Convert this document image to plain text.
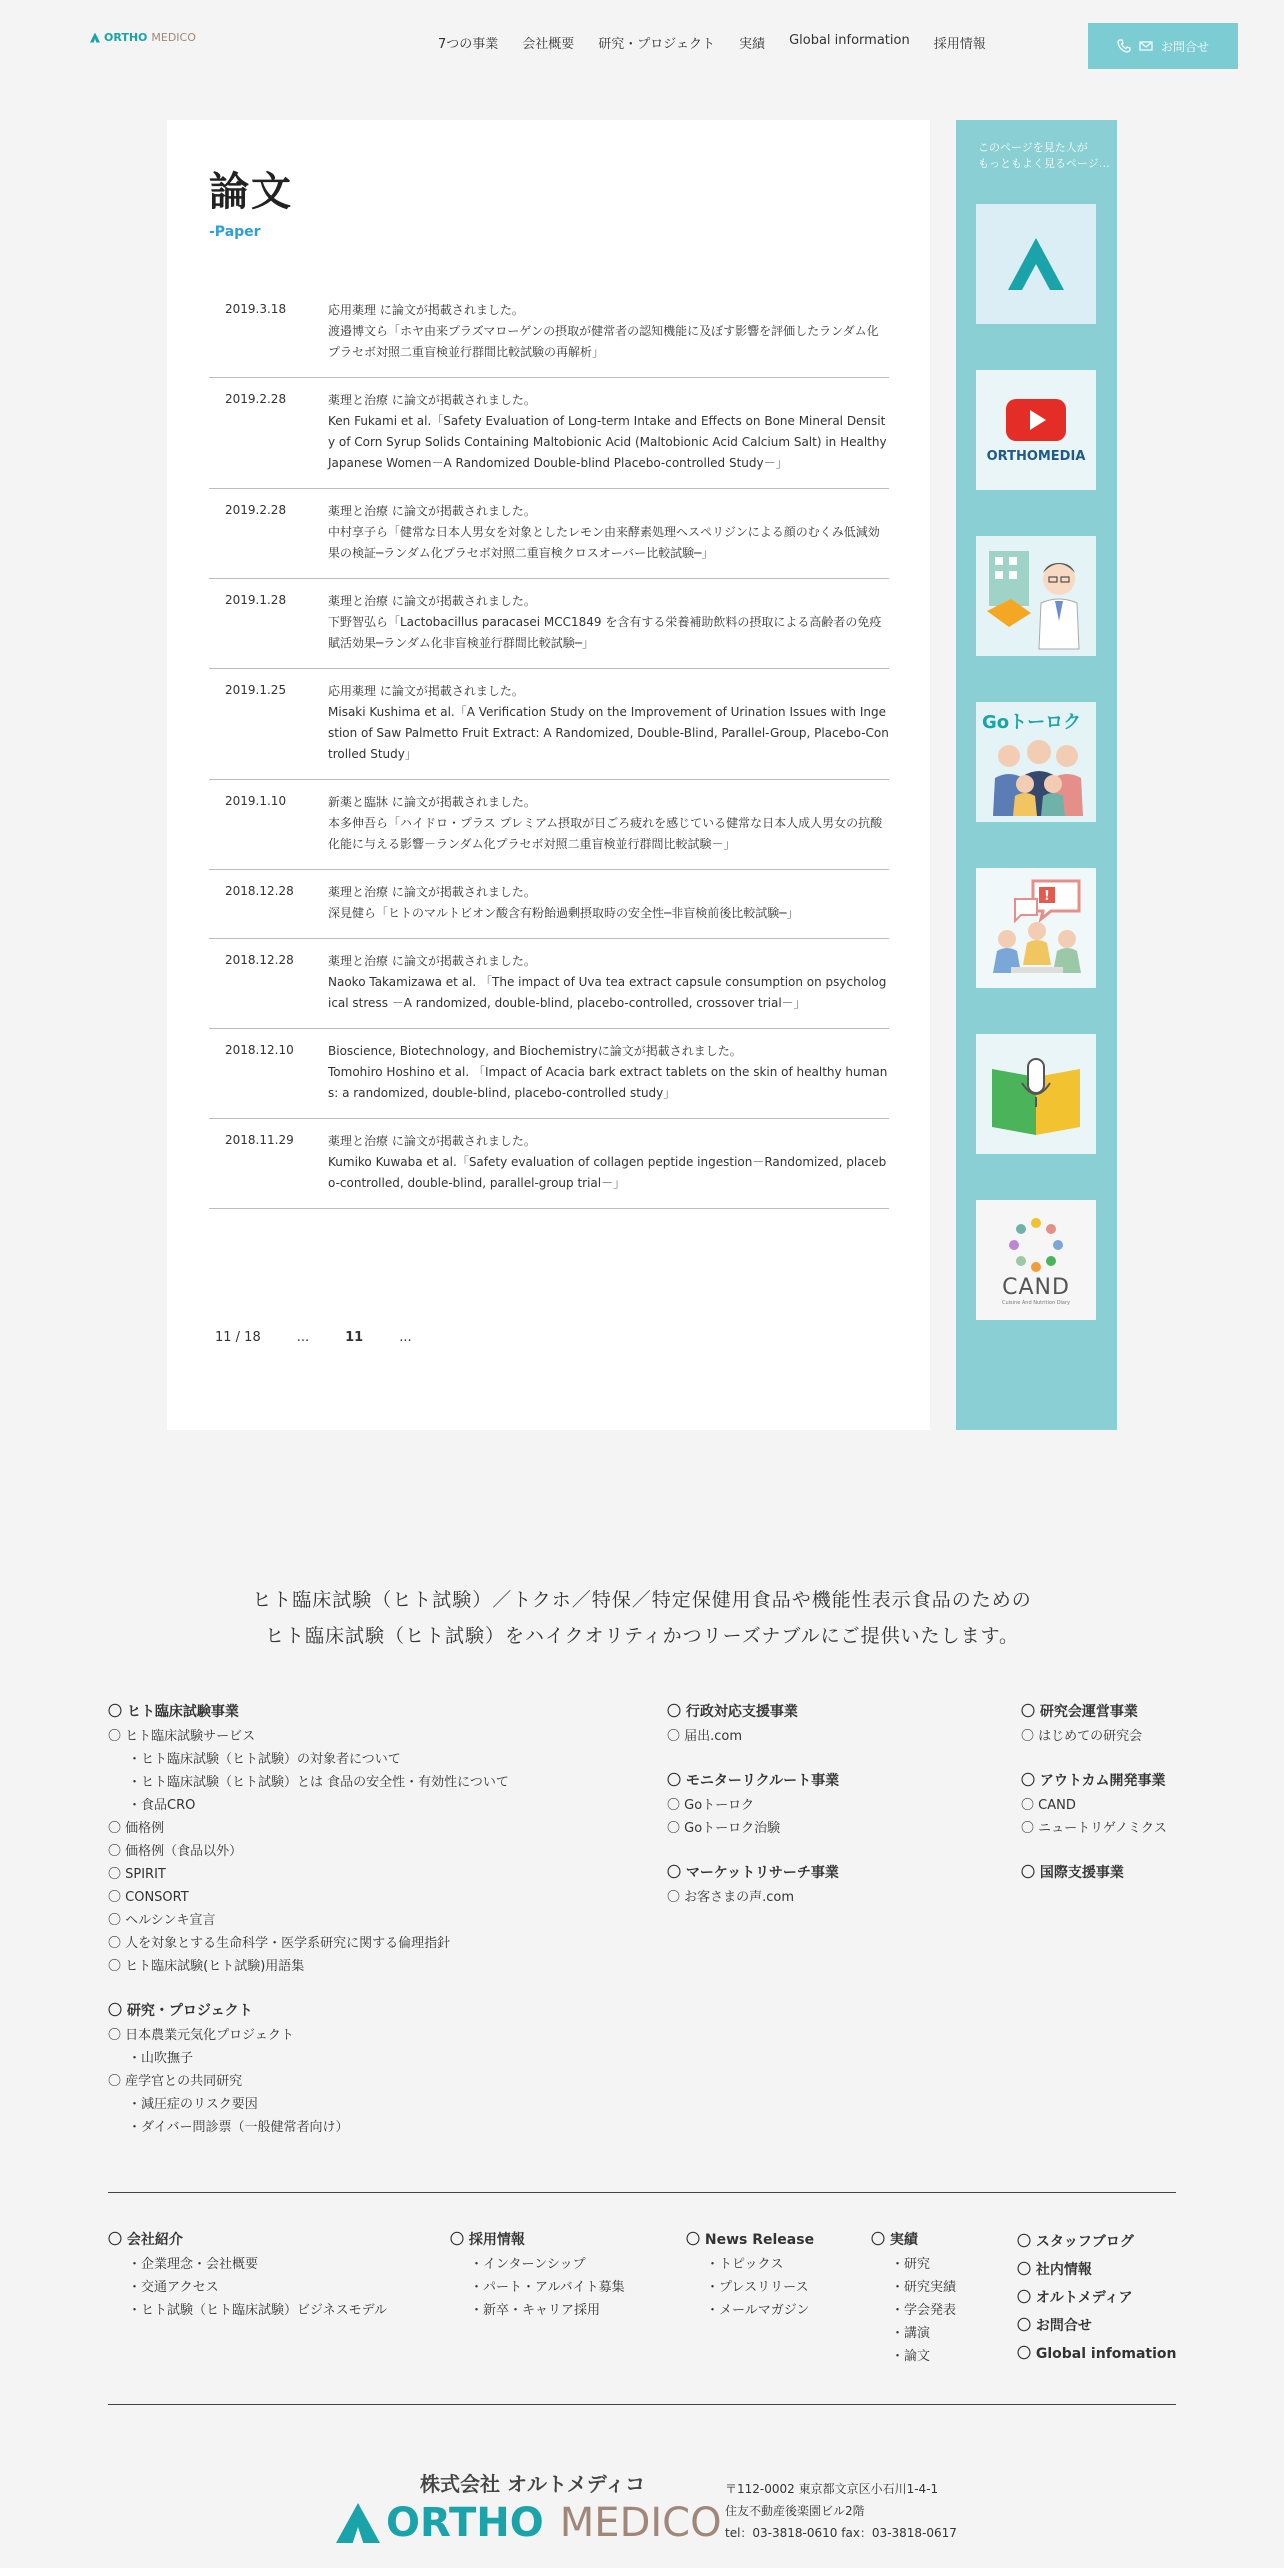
ORTHO MEDICO	7つの事業 会社概要 研究・プロジェクト 実績 Global information 採用情報	お問合せ
論文
-Paper
2019.3.18	応用薬理 に論文が掲載されました。
渡邉博文ら「ホヤ由来プラズマローゲンの摂取が健常者の認知機能に及ぼす影響を評価したランダム化プラセボ対照二重盲検並行群間比較試験の再解析」
2019.2.28	薬理と治療 に論文が掲載されました。
Ken Fukami et al.「Safety Evaluation of Long-term Intake and Effects on Bone Mineral Density of Corn Syrup Solids Containing Maltobionic Acid (Maltobionic Acid Calcium Salt) in Healthy Japanese Women－A Randomized Double-blind Placebo-controlled Study－」
2019.2.28	薬理と治療 に論文が掲載されました。
中村享子ら「健常な日本人男女を対象としたレモン由来酵素処理ヘスペリジンによる顔のむくみ低減効果の検証─ランダム化プラセボ対照二重盲検クロスオーバー比較試験─」
2019.1.28	薬理と治療 に論文が掲載されました。
下野智弘ら「Lactobacillus paracasei MCC1849 を含有する栄養補助飲料の摂取による高齢者の免疫賦活効果─ランダム化非盲検並行群間比較試験─」
2019.1.25	応用薬理 に論文が掲載されました。
Misaki Kushima et al.「A Verification Study on the Improvement of Urination Issues with Ingestion of Saw Palmetto Fruit Extract: A Randomized, Double-Blind, Parallel-Group, Placebo-Controlled Study」
2019.1.10	新薬と臨牀 に論文が掲載されました。
本多伸吾ら「ハイドロ・プラス プレミアム摂取が日ごろ疲れを感じている健常な日本人成人男女の抗酸化能に与える影響－ランダム化プラセボ対照二重盲検並行群間比較試験－」
2018.12.28	薬理と治療 に論文が掲載されました。
深見健ら「ヒトのマルトビオン酸含有粉飴過剰摂取時の安全性─非盲検前後比較試験─」
2018.12.28	薬理と治療 に論文が掲載されました。
Naoko Takamizawa et al. 「The impact of Uva tea extract capsule consumption on psychological stress －A randomized, double-blind, placebo-controlled, crossover trial－」
2018.12.10	Bioscience, Biotechnology, and Biochemistryに論文が掲載されました。
Tomohiro Hoshino et al. 「Impact of Acacia bark extract tablets on the skin of healthy humans: a randomized, double-blind, placebo-controlled study」
2018.11.29	薬理と治療 に論文が掲載されました。
Kumiko Kuwaba et al.「Safety evaluation of collagen peptide ingestion－Randomized, placebo-controlled, double-blind, parallel-group trial－」
11 / 18	...	11	...
このページを見た人が
もっともよく見るページ…
ORTHOMEDIA
Goトーロク
!
CAND
Cuisine And Nutrition Diary
ヒト臨床試験（ヒト試験）／トクホ／特保／特定保健用食品や機能性表示食品のための
ヒト臨床試験（ヒト試験）をハイクオリティかつリーズナブルにご提供いたします。
〇 ヒト臨床試験事業
〇 ヒト臨床試験サービス
・ヒト臨床試験（ヒト試験）の対象者について
・ヒト臨床試験（ヒト試験）とは 食品の安全性・有効性について
・食品CRO
〇 価格例
〇 価格例（食品以外）
〇 SPIRIT
〇 CONSORT
〇 ヘルシンキ宣言
〇 人を対象とする生命科学・医学系研究に関する倫理指針
〇 ヒト臨床試験(ヒト試験)用語集
〇 研究・プロジェクト
〇 日本農業元気化プロジェクト
・山吹撫子
〇 産学官との共同研究
・減圧症のリスク要因
・ダイバー問診票（一般健常者向け）
〇 行政対応支援事業
〇 届出.com
〇 モニターリクルート事業
〇 Goトーロク
〇 Goトーロク治験
〇 マーケットリサーチ事業
〇 お客さまの声.com
〇 研究会運営事業
〇 はじめての研究会
〇 アウトカム開発事業
〇 CAND
〇 ニュートリゲノミクス
〇 国際支援事業
〇 会社紹介
・企業理念・会社概要
・交通アクセス
・ヒト試験（ヒト臨床試験）ビジネスモデル
〇 採用情報
・インターンシップ
・パート・アルバイト募集
・新卒・キャリア採用
〇 News Release
・トピックス
・プレスリリース
・メールマガジン
〇 実績
・研究
・研究実績
・学会発表
・講演
・論文
〇 スタッフブログ
〇 社内情報
〇 オルトメディア
〇 お問合せ
〇 Global infomation
株式会社 オルトメディコ
ORTHO MEDICO
〒112-0002 東京都文京区小石川1-4-1
住友不動産後楽園ビル2階
tel：03-3818-0610 fax：03-3818-0617
